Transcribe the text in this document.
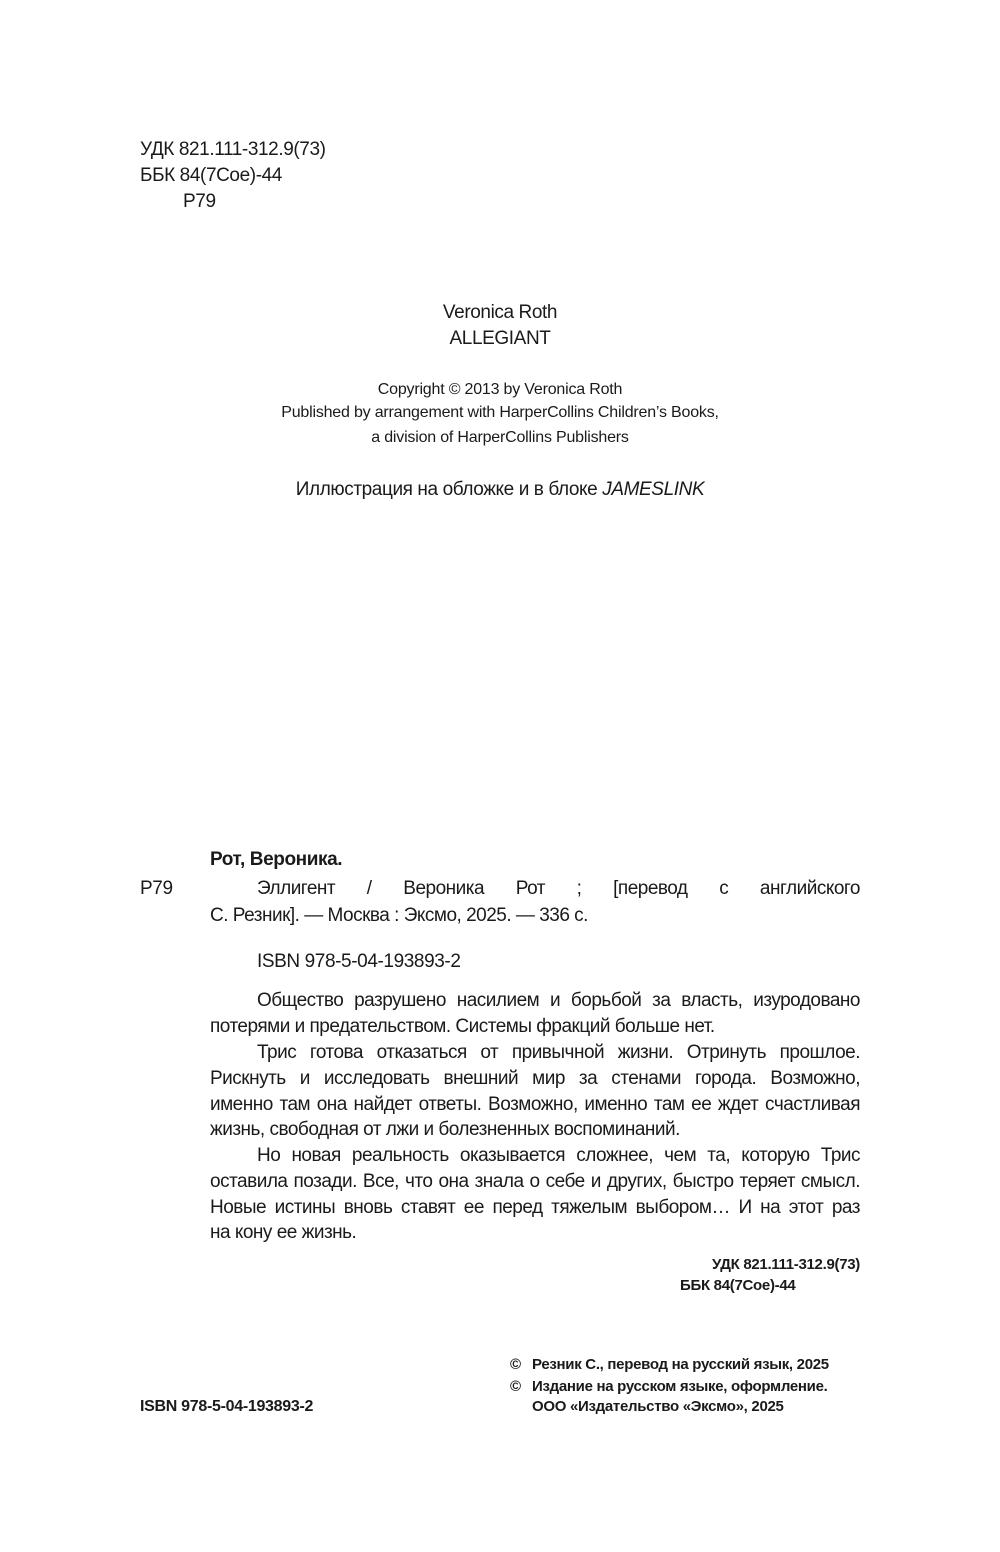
УДК 821.111-312.9(73)
ББК 84(7Сое)-44
Р79
Veronica Roth
ALLEGIANT
Copyright © 2013 by Veronica Roth
Published by arrangement with HarperCollins Children’s Books,
a division of HarperCollins Publishers
Иллюстрация на обложке и в блоке JAMESLINK
Рот, Вероника.
Р79	Эллигент / Вероника Рот ; [перевод с английского
С. Резник]. — Москва : Эксмо, 2025. — 336 с.
ISBN 978-5-04-193893-2
Общество разрушено насилием и борьбой за власть, изуродовано
потерями и предательством. Системы фракций больше нет.
Трис готова отказаться от привычной жизни. Отринуть прошлое.
Рискнуть и исследовать внешний мир за стенами города. Возможно,
именно там она найдет ответы. Возможно, именно там ее ждет счастливая
жизнь, свободная от лжи и болезненных воспоминаний.
Но новая реальность оказывается сложнее, чем та, которую Трис
оставила позади. Все, что она знала о себе и других, быстро теряет смысл.
Новые истины вновь ставят ее перед тяжелым выбором… И на этот раз
на кону ее жизнь.
УДК 821.111-312.9(73)
ББК 84(7Сое)-44
ISBN 978-5-04-193893-2
© Резник С., перевод на русский язык, 2025
© Издание на русском языке, оформление.
ООО «Издательство «Эксмо», 2025
